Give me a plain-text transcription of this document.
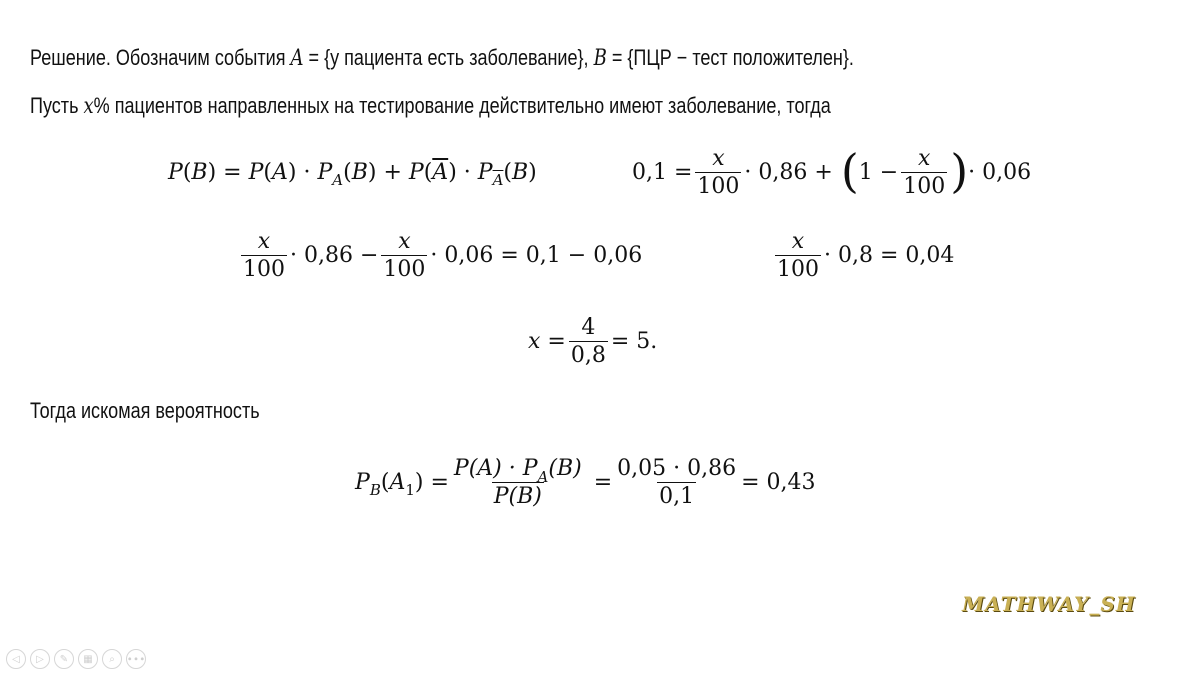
Решение. Обозначим события A = {у пациента есть заболевание}, B = {ПЦР − тест положителен}.
Пусть x% пациентов направленных на тестирование действительно имеют заболевание, тогда
P ( B ) = P ( A ) · P A ( B ) + P ( $\overline{A}$ ) · P $\overline{A}$ ( B )	$0,1 = \frac{x}{100} \cdot 0,86$ + ( $1 - \frac{x}{100}$ ) · 0,06
$\frac{x}{100} \cdot 0,86 - \frac{x}{100} \cdot 0,06 = 0,1 - 0,06$	$\frac{x}{100} \cdot 0,8 = 0,04$
x
= $\frac{4}{0,8} = 5$.
Тогда искомая вероятность
P B ( A 1 ) = $\frac{P(A) \cdot P_A(B)}{P(B)} = \frac{0,05 \cdot 0,86}{0,1} = 0,43$
MATHWAY_SH
◁	▷	✎	▦	⌕	∙∙∙
